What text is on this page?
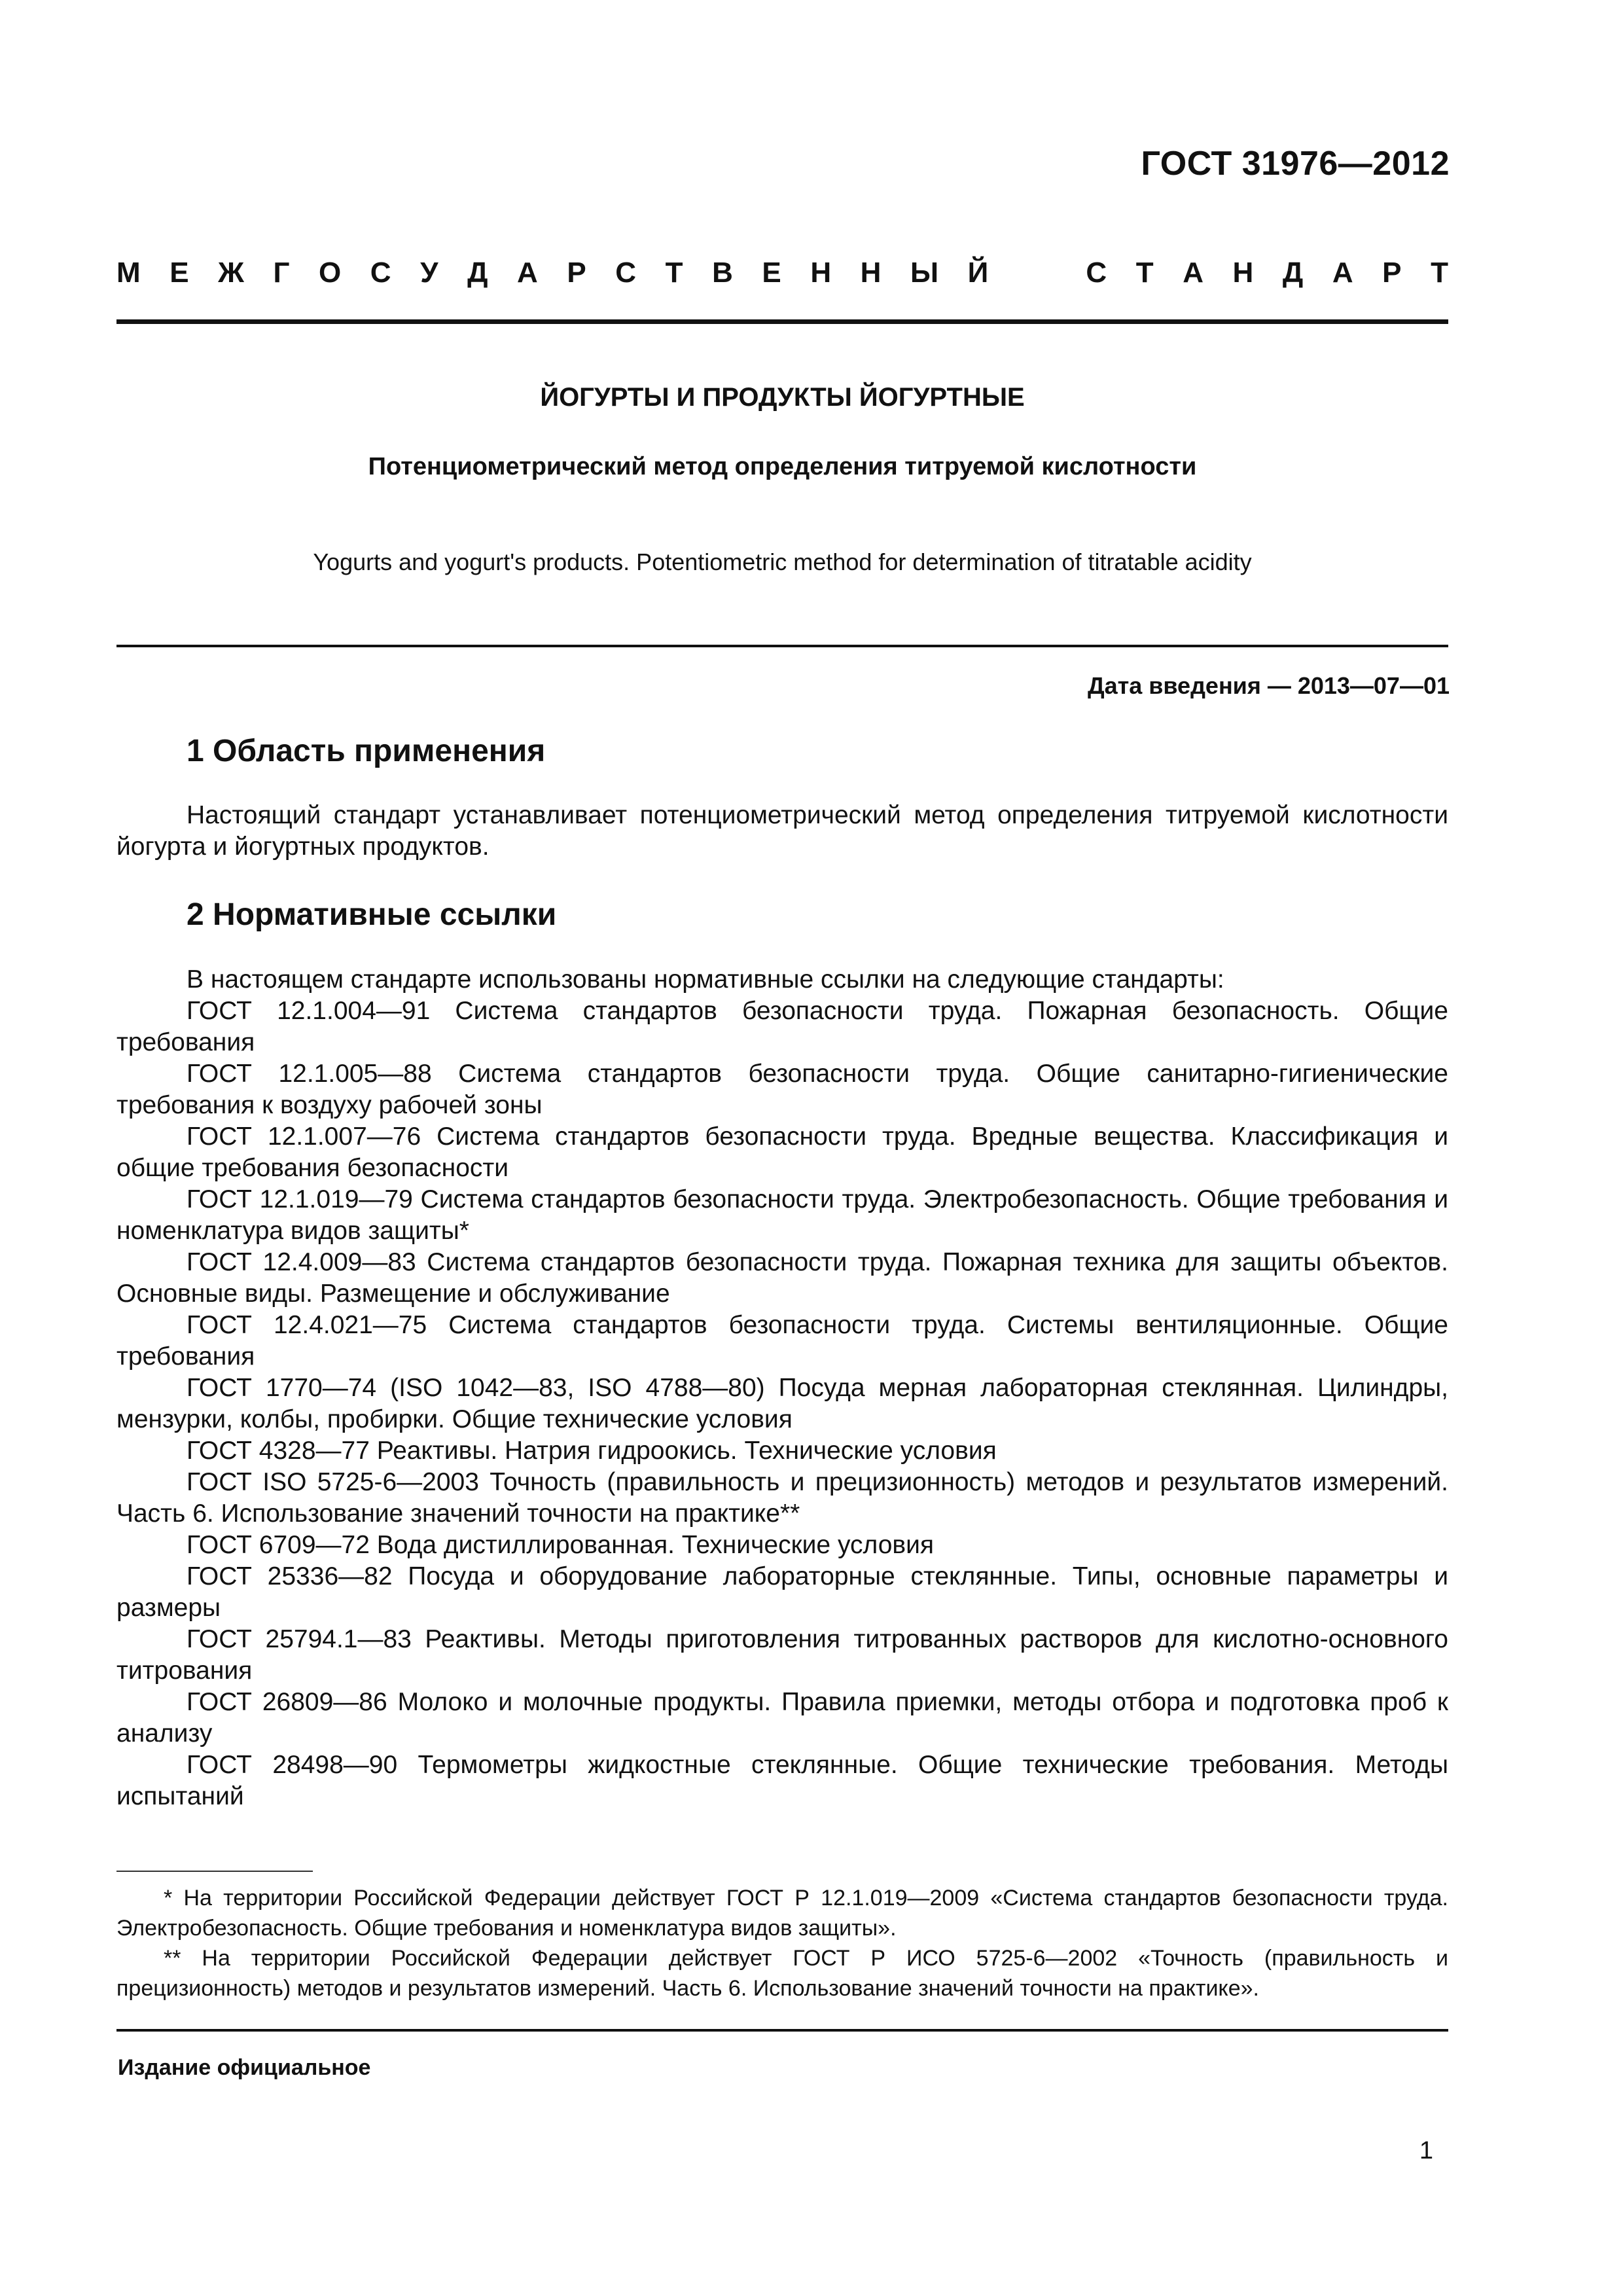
ГОСТ 31976—2012
М Е Ж Г О С У Д А Р С Т В Е Н Н Ы Й	С Т А Н Д А Р Т
ЙОГУРТЫ И ПРОДУКТЫ ЙОГУРТНЫЕ
Потенциометрический метод определения титруемой кислотности
Yogurts and yogurt's products. Potentiometric method for determination of titratable acidity
Дата введения — 2013—07—01
1 Область применения

Настоящий стандарт устанавливает потенциометрический метод определения титруемой кислотности йогурта и йогуртных продуктов.

2 Нормативные ссылки

В настоящем стандарте использованы нормативные ссылки на следующие стандарты:

ГОСТ 12.1.004—91 Система стандартов безопасности труда. Пожарная безопасность. Общие требования

ГОСТ 12.1.005—88 Система стандартов безопасности труда. Общие санитарно-гигиенические требования к воздуху рабочей зоны

ГОСТ 12.1.007—76 Система стандартов безопасности труда. Вредные вещества. Классификация и общие требования безопасности

ГОСТ 12.1.019—79 Система стандартов безопасности труда. Электробезопасность. Общие требования и номенклатура видов защиты*

ГОСТ 12.4.009—83 Система стандартов безопасности труда. Пожарная техника для защиты объектов. Основные виды. Размещение и обслуживание

ГОСТ 12.4.021—75 Система стандартов безопасности труда. Системы вентиляционные. Общие требования

ГОСТ 1770—74 (ISO 1042—83, ISO 4788—80) Посуда мерная лабораторная стеклянная. Цилиндры, мензурки, колбы, пробирки. Общие технические условия

ГОСТ 4328—77 Реактивы. Натрия гидроокись. Технические условия

ГОСТ ISO 5725-6—2003 Точность (правильность и прецизионность) методов и результатов измерений. Часть 6. Использование значений точности на практике**

ГОСТ 6709—72 Вода дистиллированная. Технические условия

ГОСТ 25336—82 Посуда и оборудование лабораторные стеклянные. Типы, основные параметры и размеры

ГОСТ 25794.1—83 Реактивы. Методы приготовления титрованных растворов для кислотно-основного титрования

ГОСТ 26809—86 Молоко и молочные продукты. Правила приемки, методы отбора и подготовка проб к анализу

ГОСТ 28498—90 Термометры жидкостные стеклянные. Общие технические требования. Методы испытаний

* На территории Российской Федерации действует ГОСТ Р 12.1.019—2009 «Система стандартов безопасности труда. Электробезопасность. Общие требования и номенклатура видов защиты».

** На территории Российской Федерации действует ГОСТ Р ИСО 5725-6—2002 «Точность (правильность и прецизионность) методов и результатов измерений. Часть 6. Использование значений точности на практике».

Издание официальное
1
